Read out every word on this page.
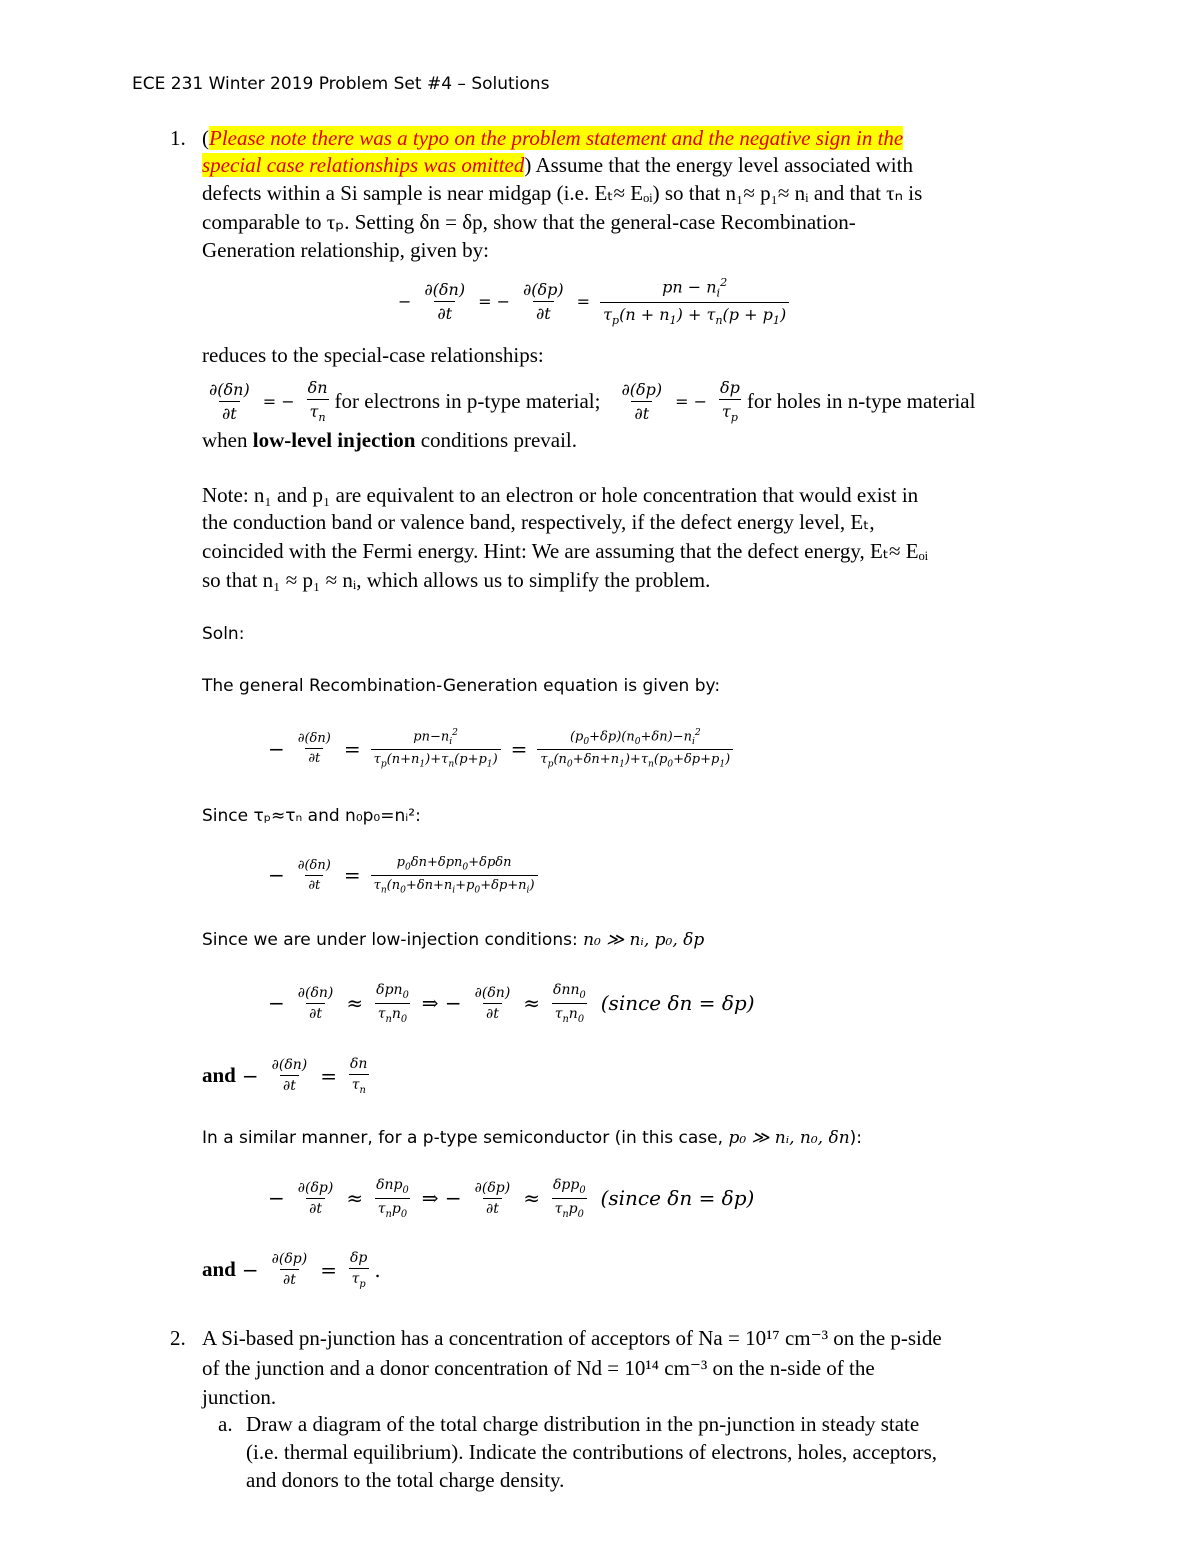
ECE 231 Winter 2019 Problem Set #4 – Solutions
1. (Please note there was a typo on the problem statement and the negative sign in the
special case relationships was omitted) Assume that the energy level associated with
defects within a Si sample is near midgap (i.e. Eₜ≈ Eₒᵢ) so that n₁≈ p₁≈ nᵢ and that τₙ is
comparable to τₚ. Setting δn = δp, show that the general-case Recombination-
Generation relationship, given by:
− $\frac{\partial(\delta n)}{\partial t}$ = − $\frac{\partial(\delta p)}{\partial t} = \frac{pn - n_i^2}{\tau_p(n + n_1) + \tau_n(p + p_1)}$
reduces to the special-case relationships:
$\frac{\partial(\delta n)}{\partial t}$ = − $\frac{\delta n}{\tau_n}$ for electrons in p-type material; $\frac{\partial(\delta p)}{\partial t}$ = − $\frac{\delta p}{\tau_p}$ for holes in n-type material
when low-level injection conditions prevail.
Note: n₁ and p₁ are equivalent to an electron or hole concentration that would exist in
the conduction band or valence band, respectively, if the defect energy level, Eₜ,
coincided with the Fermi energy. Hint: We are assuming that the defect energy, Eₜ≈ Eₒᵢ
so that n₁ ≈ p₁ ≈ nᵢ, which allows us to simplify the problem.
Soln:
The general Recombination-Generation equation is given by:
− $\frac{\partial(\delta n)}{\partial t} = \frac{pn-n_i^2}{\tau_p(n+n_1)+\tau_n(p+p_1)} = \frac{(p_0+\delta p)(n_0+\delta n)-n_i^2}{\tau_p(n_0+\delta n+n_1)+\tau_n(p_0+\delta p+p_1)}$
Since τₚ≈τₙ and n₀p₀=nᵢ²:
− $\frac{\partial(\delta n)}{\partial t} = \frac{p_0\delta n+\delta pn_0+\delta p\delta n}{\tau_n(n_0+\delta n+n_i+p_0+\delta p+n_i)}$
Since we are under low-injection conditions: n₀ ≫ nᵢ, p₀, δp
− $\frac{\partial(\delta n)}{\partial t} \approx \frac{\delta pn_0}{\tau_nn_0}$ ⇒ − $\frac{\partial(\delta n)}{\partial t} \approx \frac{\delta nn_0}{\tau_nn_0}$ (since δn = δp)
and − $\frac{\partial(\delta n)}{\partial t} = \frac{\delta n}{\tau_n}$
In a similar manner, for a p-type semiconductor (in this case, p₀ ≫ nᵢ, n₀, δn):
− $\frac{\partial(\delta p)}{\partial t} \approx \frac{\delta np_0}{\tau_np_0}$ ⇒ − $\frac{\partial(\delta p)}{\partial t} \approx \frac{\delta pp_0}{\tau_np_0}$ (since δn = δp)
and − $\frac{\partial(\delta p)}{\partial t} = \frac{\delta p}{\tau_p}$ .
2. A Si-based pn-junction has a concentration of acceptors of Na = 10¹⁷ cm⁻³ on the p-side
of the junction and a donor concentration of Nd = 10¹⁴ cm⁻³ on the n-side of the
junction.
a. Draw a diagram of the total charge distribution in the pn-junction in steady state
(i.e. thermal equilibrium). Indicate the contributions of electrons, holes, acceptors,
and donors to the total charge density.
